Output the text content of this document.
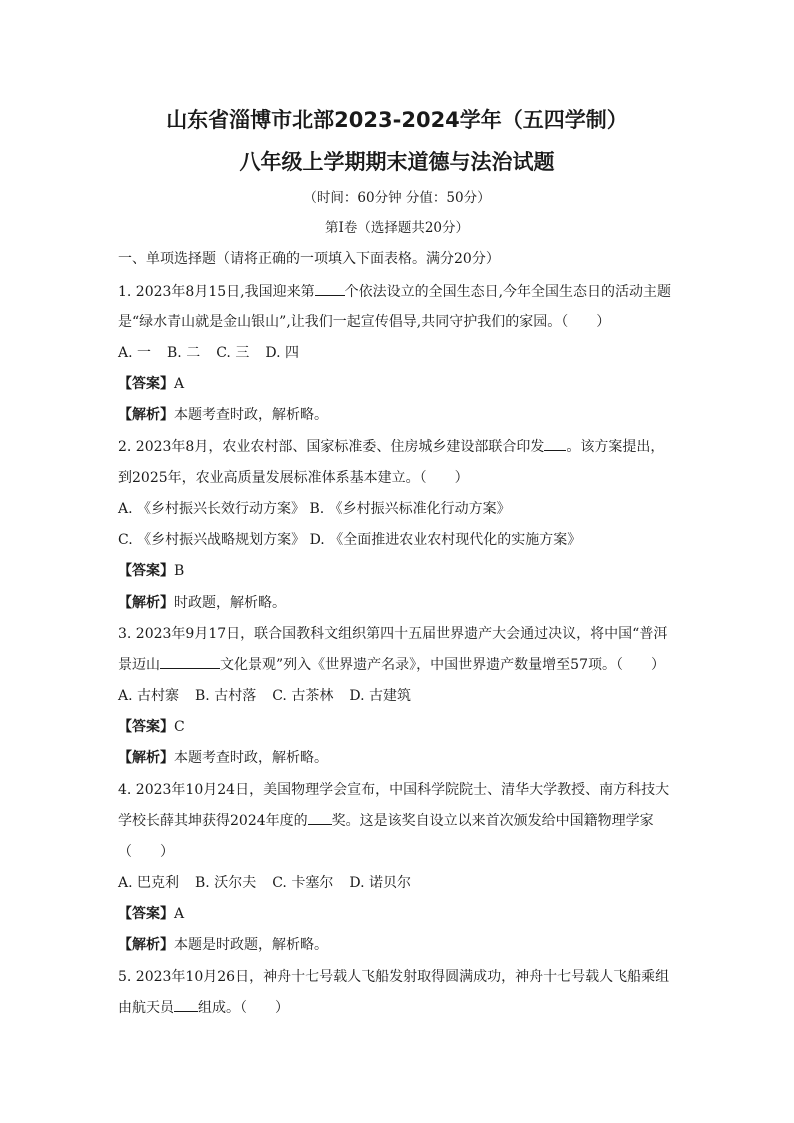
山东省淄博市北部2023-2024学年（五四学制）
八年级上学期期末道德与法治试题
（时间：60分钟 分值：50分）
第Ⅰ卷（选择题共20分）
一、单项选择题（请将正确的一项填入下面表格。满分20分）
1. 2023年8月15日,我国迎来第 个依法设立的全国生态日,今年全国生态日的活动主题
是“绿水青山就是金山银山”,让我们一起宣传倡导,共同守护我们的家园。（　　）
A. 一 B. 二 C. 三 D. 四
【答案】A
【解析】本题考查时政，解析略。
2. 2023年8月，农业农村部、国家标准委、住房城乡建设部联合印发 。该方案提出，
到2025年，农业高质量发展标准体系基本建立。（　　）
A. 《乡村振兴长效行动方案》 B. 《乡村振兴标准化行动方案》
C. 《乡村振兴战略规划方案》 D. 《全面推进农业农村现代化的实施方案》
【答案】B
【解析】时政题，解析略。
3. 2023年9月17日，联合国教科文组织第四十五届世界遗产大会通过决议，将中国“普洱
景迈山	文化景观”列入《世界遗产名录》，中国世界遗产数量增至57项。（　　）
A. 古村寨 B. 古村落 C. 古茶林 D. 古建筑
【答案】C
【解析】本题考查时政，解析略。
4. 2023年10月24日，美国物理学会宣布，中国科学院院士、清华大学教授、南方科技大
学校长薛其坤获得2024年度的 奖。这是该奖自设立以来首次颁发给中国籍物理学家
（　　）
A. 巴克利 B. 沃尔夫 C. 卡塞尔 D. 诺贝尔
【答案】A
【解析】本题是时政题，解析略。
5. 2023年10月26日，神舟十七号载人飞船发射取得圆满成功，神舟十七号载人飞船乘组
由航天员 组成。（　　）
